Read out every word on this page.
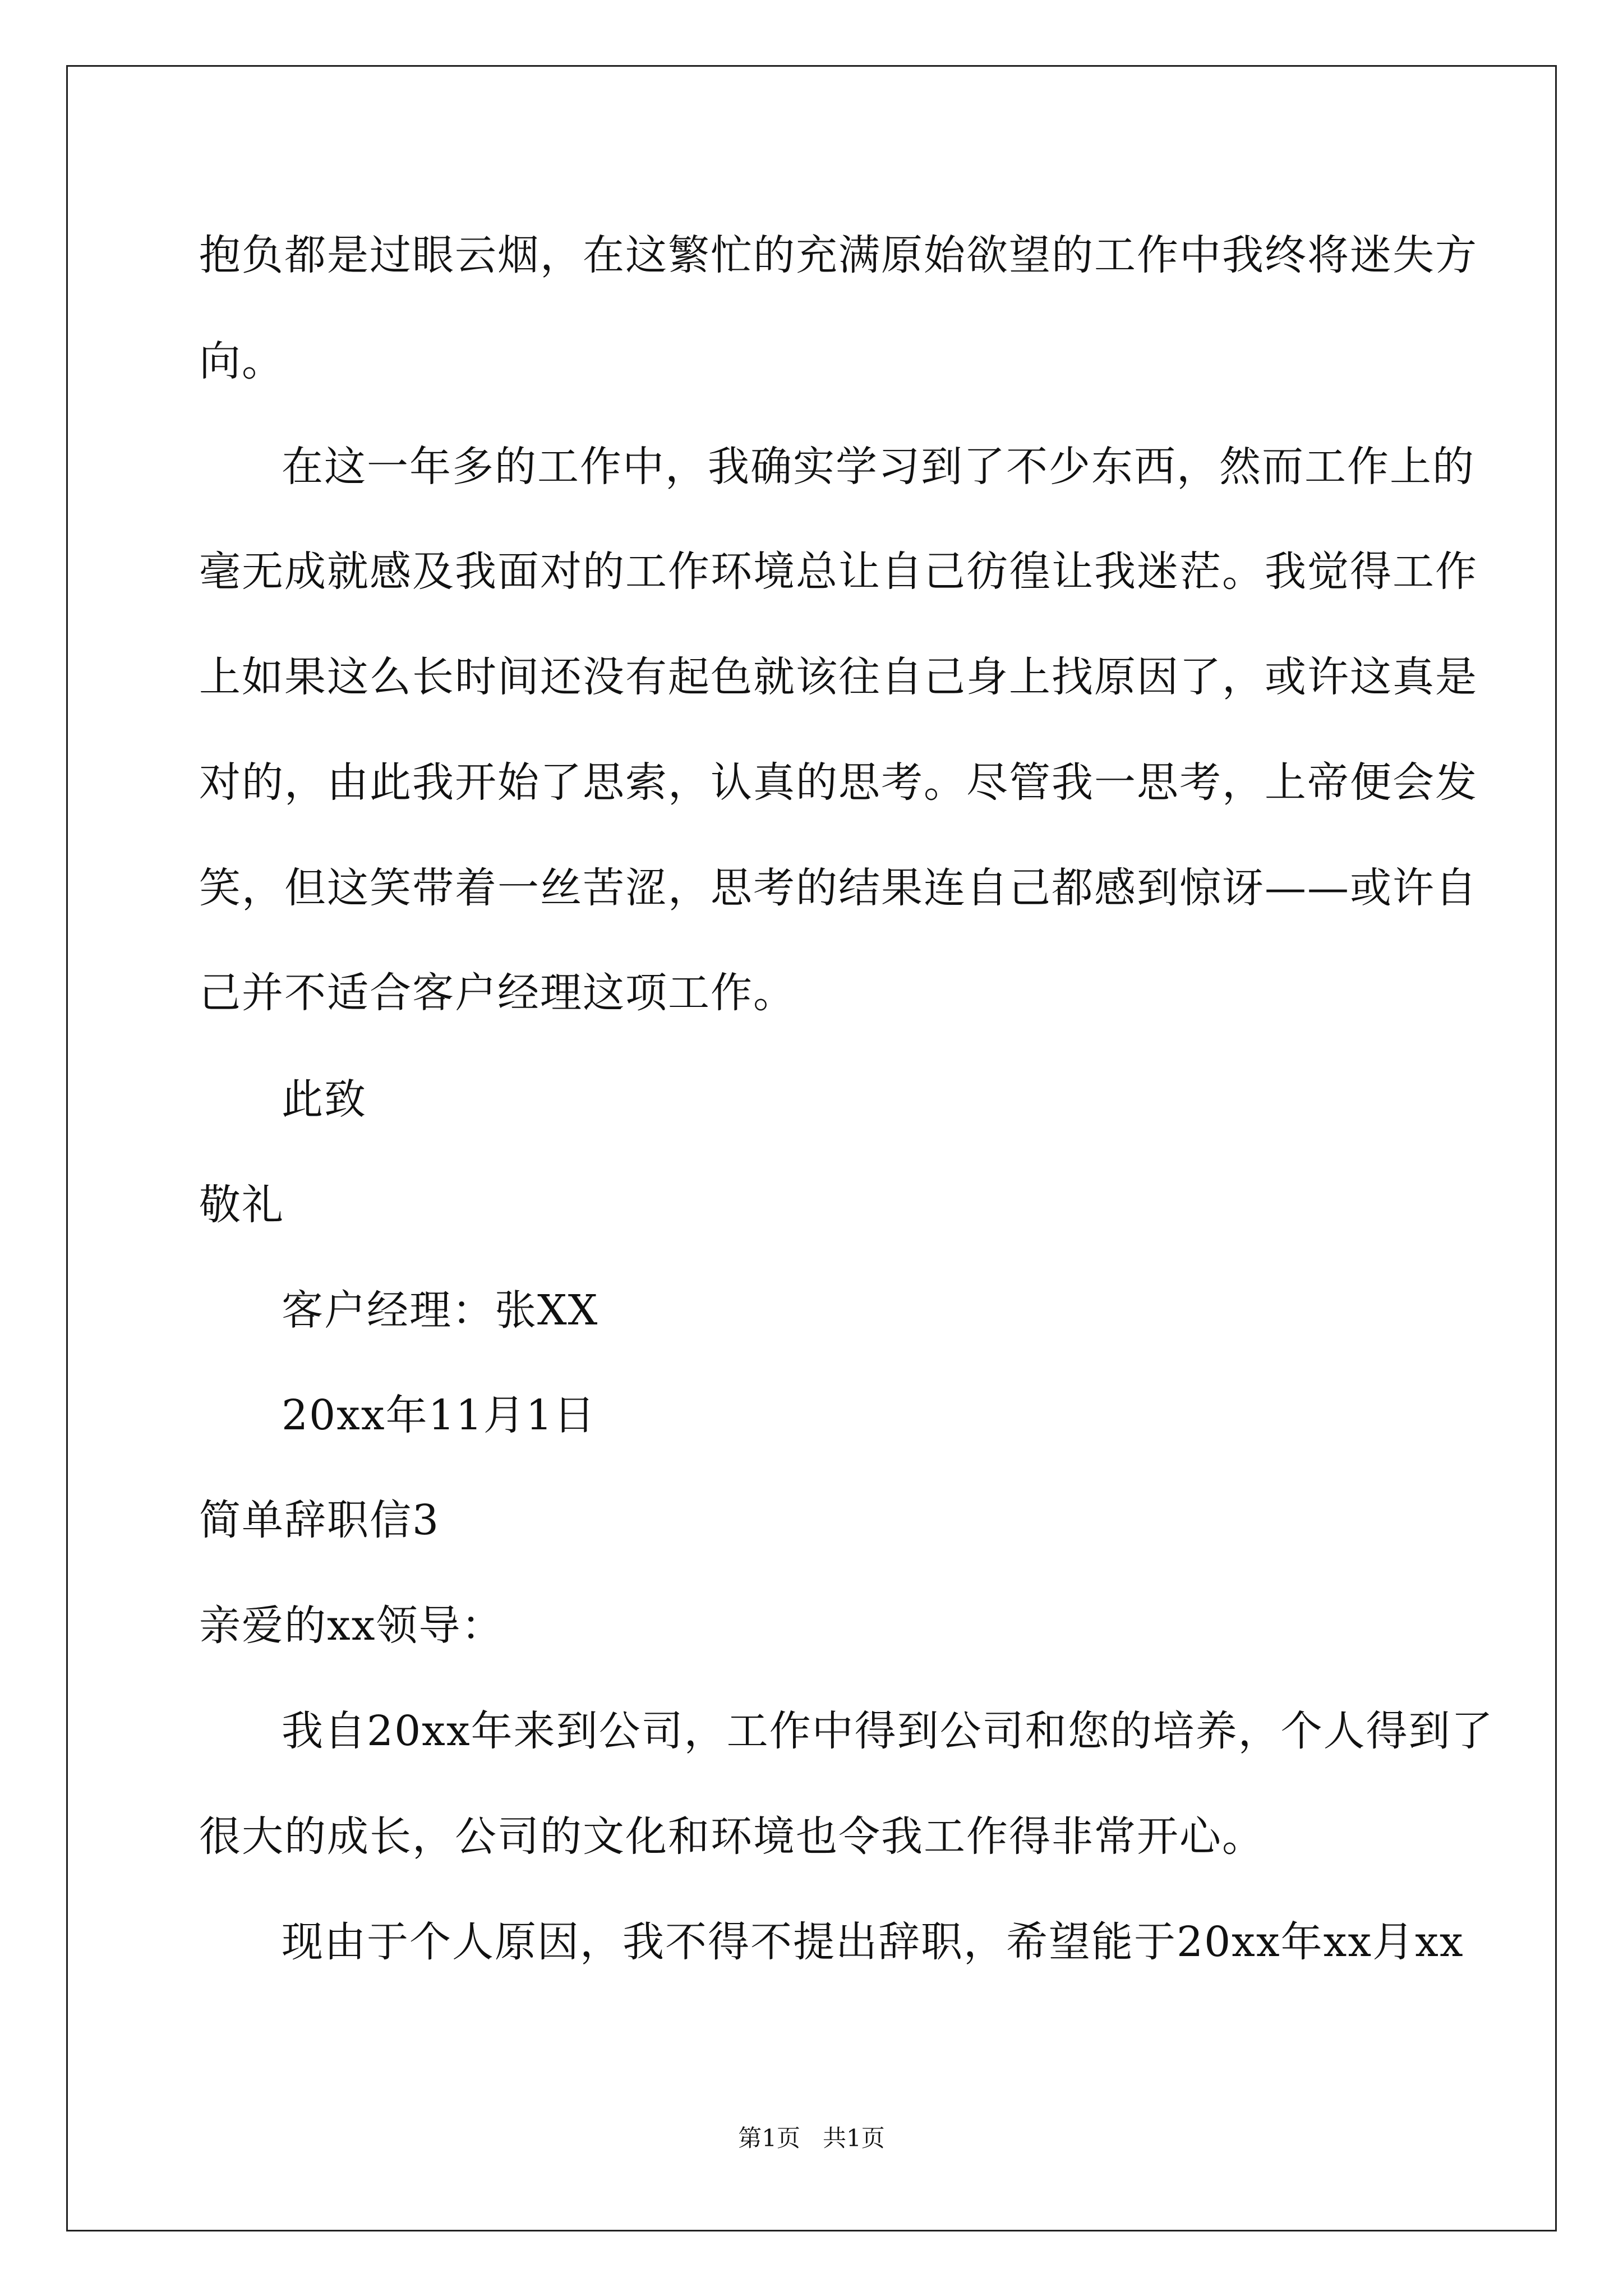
抱负都是过眼云烟，在这繁忙的充满原始欲望的工作中我终将迷失方

向。

在这一年多的工作中，我确实学习到了不少东西，然而工作上的

毫无成就感及我面对的工作环境总让自己彷徨让我迷茫。我觉得工作

上如果这么长时间还没有起色就该往自己身上找原因了，或许这真是

对的，由此我开始了思索，认真的思考。尽管我一思考，上帝便会发

笑，但这笑带着一丝苦涩，思考的结果连自己都感到惊讶——或许自

己并不适合客户经理这项工作。

此致

敬礼

客户经理：张XX

20xx年11月1日

简单辞职信3

亲爱的xx领导：

我自20xx年来到公司，工作中得到公司和您的培养，个人得到了

很大的成长，公司的文化和环境也令我工作得非常开心。

现由于个人原因，我不得不提出辞职，希望能于20xx年xx月xx

第1页   共1页
